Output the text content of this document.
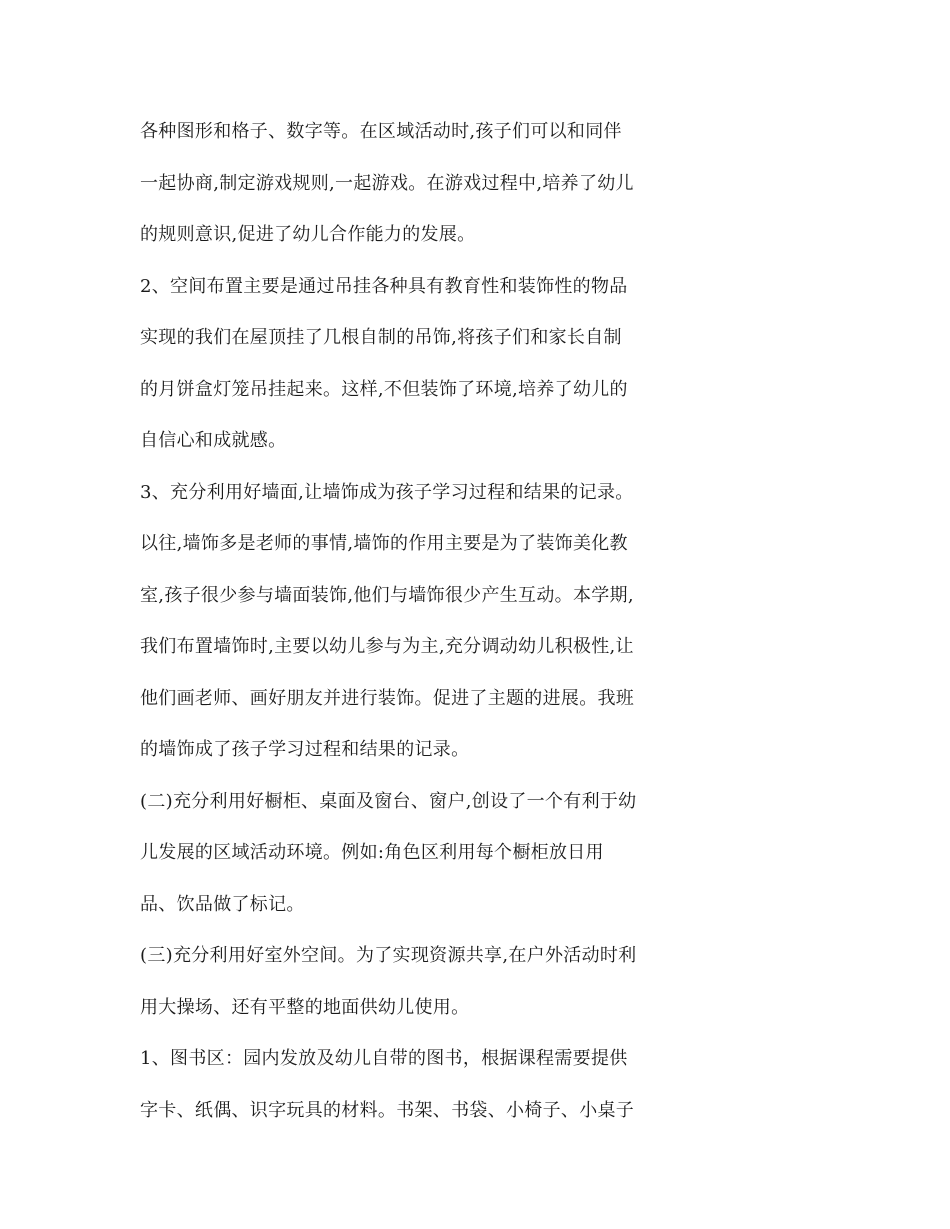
各种图形和格子、数字等。在区域活动时,孩子们可以和同伴
一起协商,制定游戏规则,一起游戏。在游戏过程中,培养了幼儿
的规则意识,促进了幼儿合作能力的发展。
2、空间布置主要是通过吊挂各种具有教育性和装饰性的物品
实现的我们在屋顶挂了几根自制的吊饰,将孩子们和家长自制
的月饼盒灯笼吊挂起来。这样,不但装饰了环境,培养了幼儿的
自信心和成就感。
3、充分利用好墙面,让墙饰成为孩子学习过程和结果的记录。
以往,墙饰多是老师的事情,墙饰的作用主要是为了装饰美化教
室,孩子很少参与墙面装饰,他们与墙饰很少产生互动。本学期,
我们布置墙饰时,主要以幼儿参与为主,充分调动幼儿积极性,让
他们画老师、画好朋友并进行装饰。促进了主题的进展。我班
的墙饰成了孩子学习过程和结果的记录。
(二)充分利用好橱柜、桌面及窗台、窗户,创设了一个有利于幼
儿发展的区域活动环境。例如:角色区利用每个橱柜放日用
品、饮品做了标记。
(三)充分利用好室外空间。为了实现资源共享,在户外活动时利
用大操场、还有平整的地面供幼儿使用。
1、图书区：园内发放及幼儿自带的图书，根据课程需要提供
字卡、纸偶、识字玩具的材料。书架、书袋、小椅子、小桌子
